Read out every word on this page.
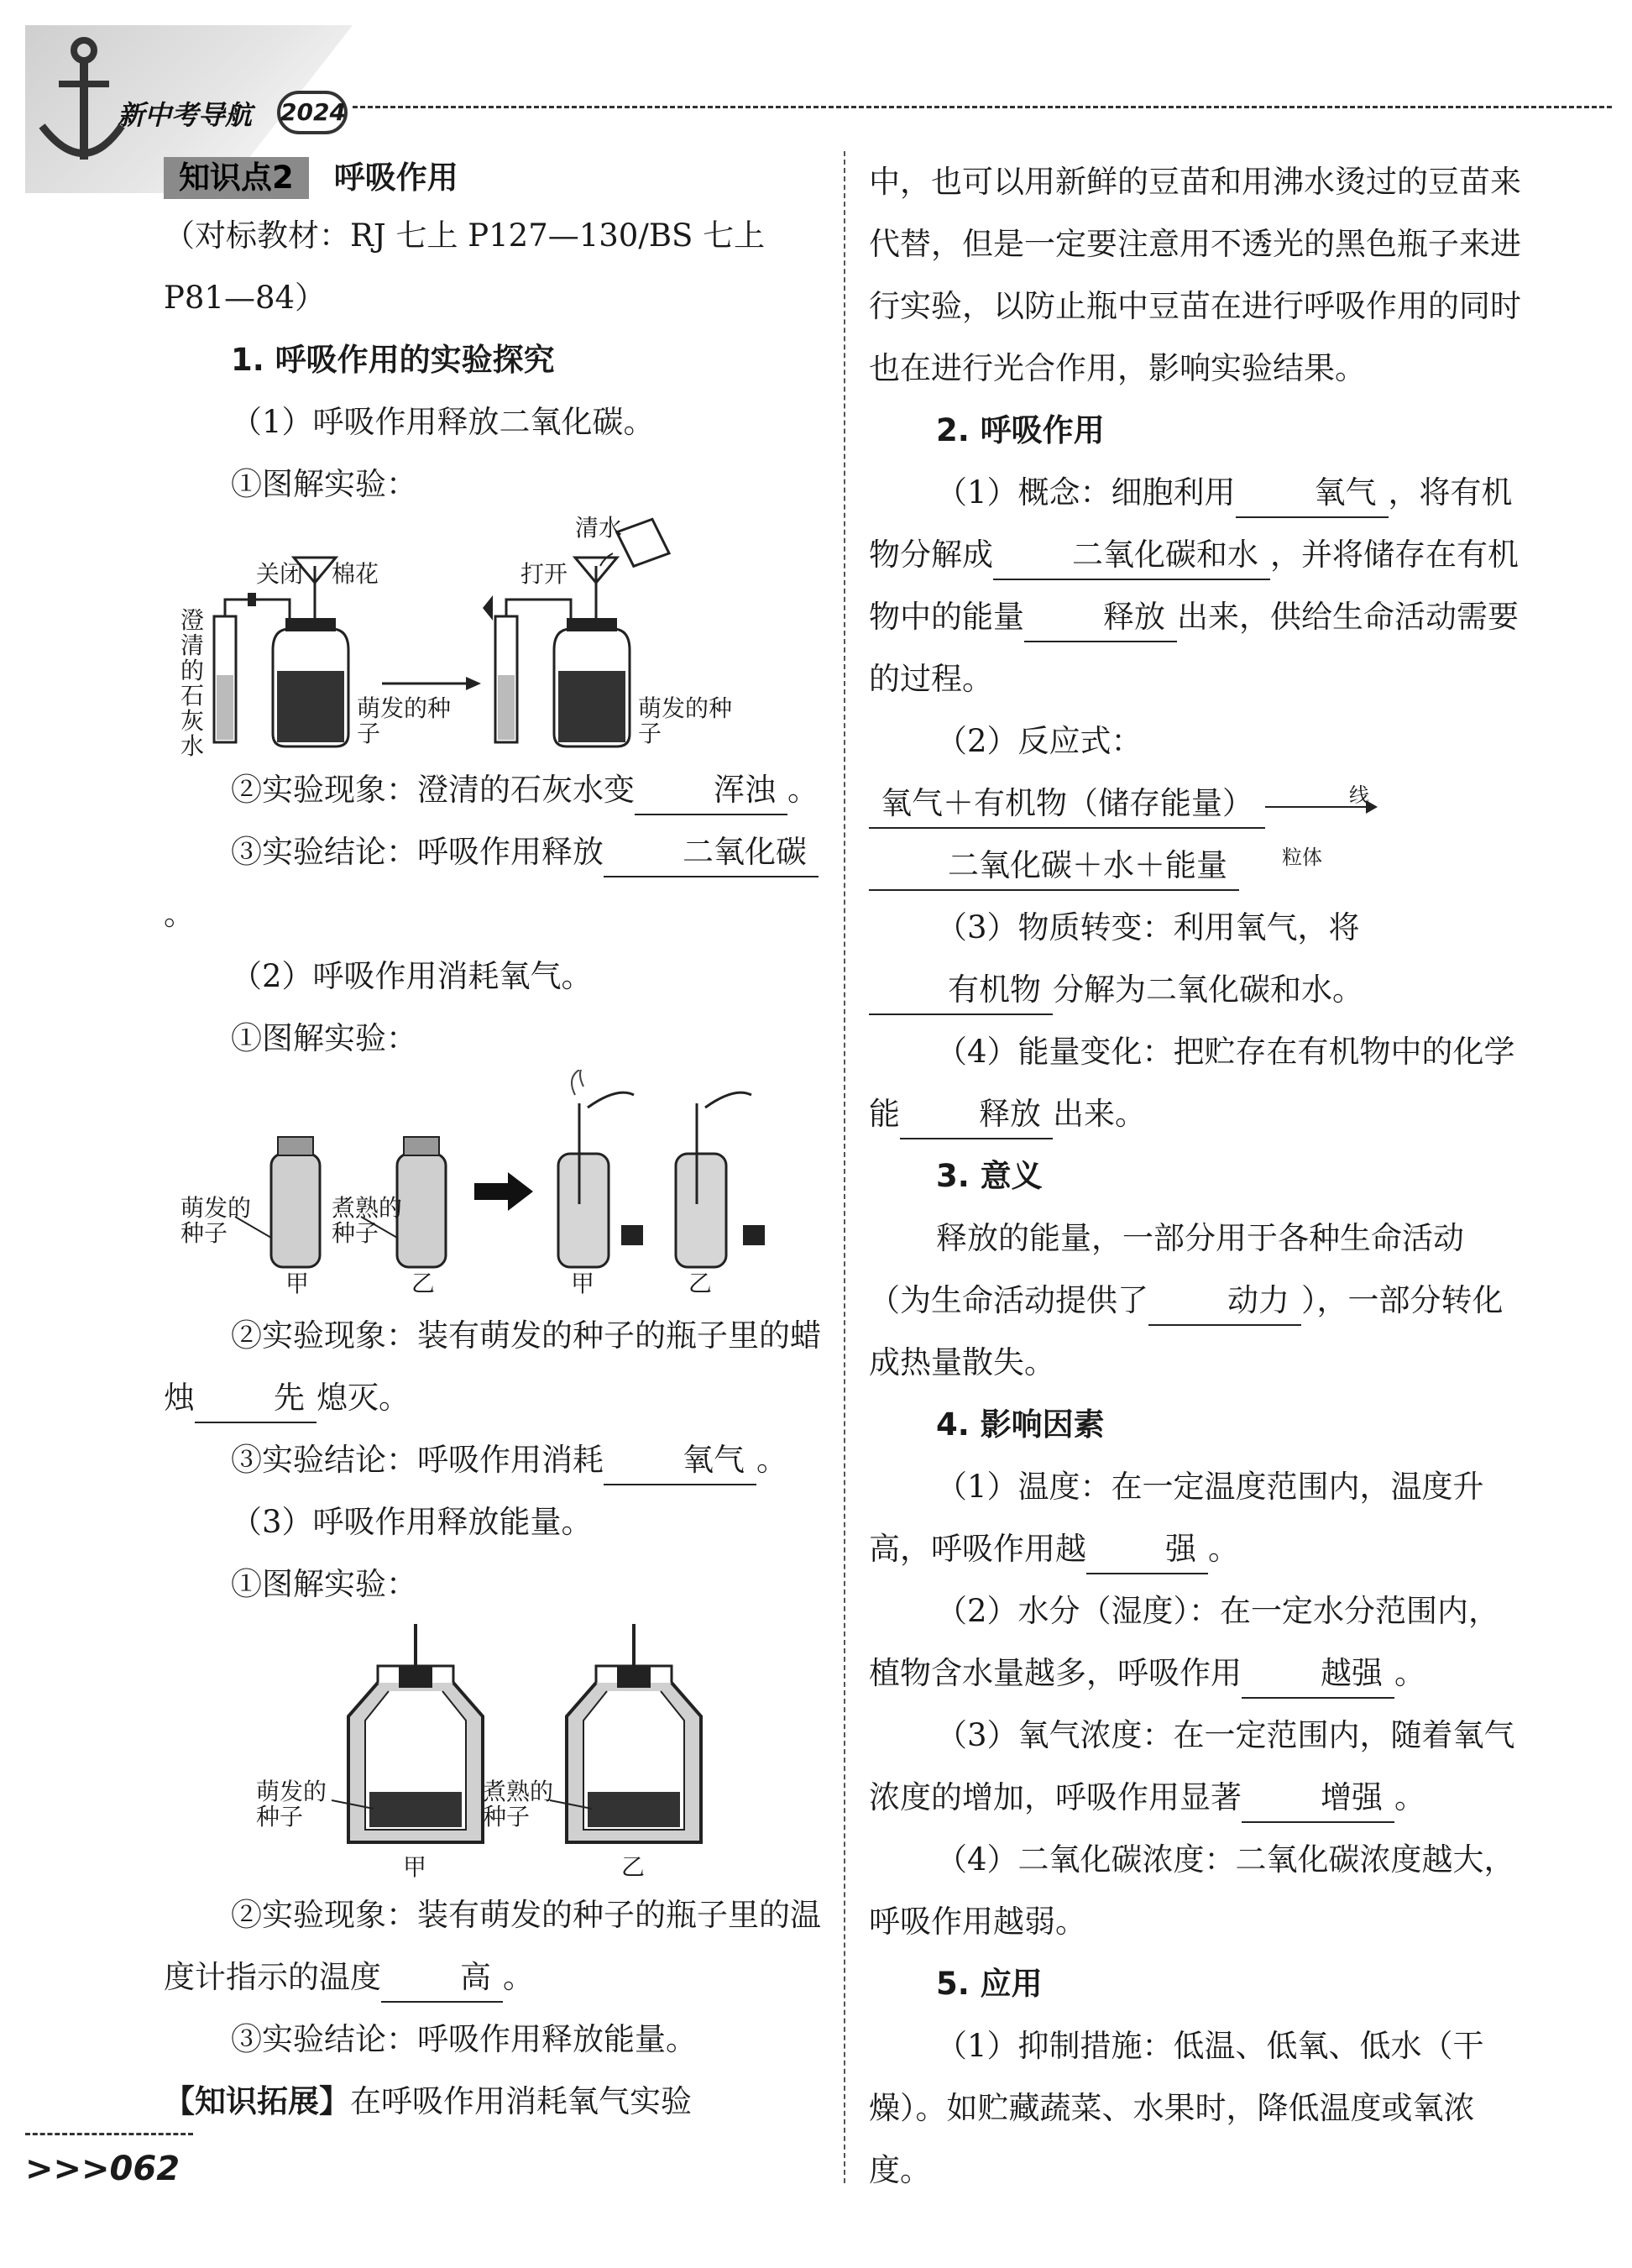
新中考导航 2024
知识点2 呼吸作用
（对标教材：RJ 七上 P127—130/BS 七上 P81—84）
1. 呼吸作用的实验探究
（1）呼吸作用释放二氧化碳。
①图解实验：
清水
关闭 棉花	打开
澄清的石灰水
萌发的种子
萌发的种子
②实验现象：澄清的石灰水变	浑浊 。
③实验结论：呼吸作用释放	二氧化碳。
（2）呼吸作用消耗氧气。
①图解实验：
萌发的种子
煮熟的种子
甲	乙	甲	乙
②实验现象：装有萌发的种子的瓶子里的蜡烛	先 熄灭。
③实验结论：呼吸作用消耗	氧气 。
（3）呼吸作用释放能量。
①图解实验：
萌发的种子
煮熟的种子
甲	乙
②实验现象：装有萌发的种子的瓶子里的温度计指示的温度	高 。
③实验结论：呼吸作用释放能量。
【知识拓展】在呼吸作用消耗氧气实验
中，也可以用新鲜的豆苗和用沸水烫过的豆苗来代替，但是一定要注意用不透光的黑色瓶子来进行实验，以防止瓶中豆苗在进行呼吸作用的同时也在进行光合作用，影响实验结果。
2. 呼吸作用
（1）概念：细胞利用	氧气 ，将有机物分解成	二氧化碳和水 ，并将储存在有机物中的能量	释放 出来，供给生命活动需要的过程。
（2）反应式：氧气＋有机物（储存能量）	线粒体
二氧化碳＋水＋能量
（3）物质转变：利用氧气，将有机物 分解为二氧化碳和水。
（4）能量变化：把贮存在有机物中的化学能	释放 出来。
3. 意义
释放的能量，一部分用于各种生命活动（为生命活动提供了	动力 ），一部分转化成热量散失。
4. 影响因素
（1）温度：在一定温度范围内，温度升高，呼吸作用越	强 。
（2）水分（湿度）：在一定水分范围内，植物含水量越多，呼吸作用	越强 。
（3）氧气浓度：在一定范围内，随着氧气浓度的增加，呼吸作用显著	增强 。
（4）二氧化碳浓度：二氧化碳浓度越大，呼吸作用越弱。
5. 应用
（1）抑制措施：低温、低氧、低水（干燥）。如贮藏蔬菜、水果时，降低温度或氧浓度。
>>>062
